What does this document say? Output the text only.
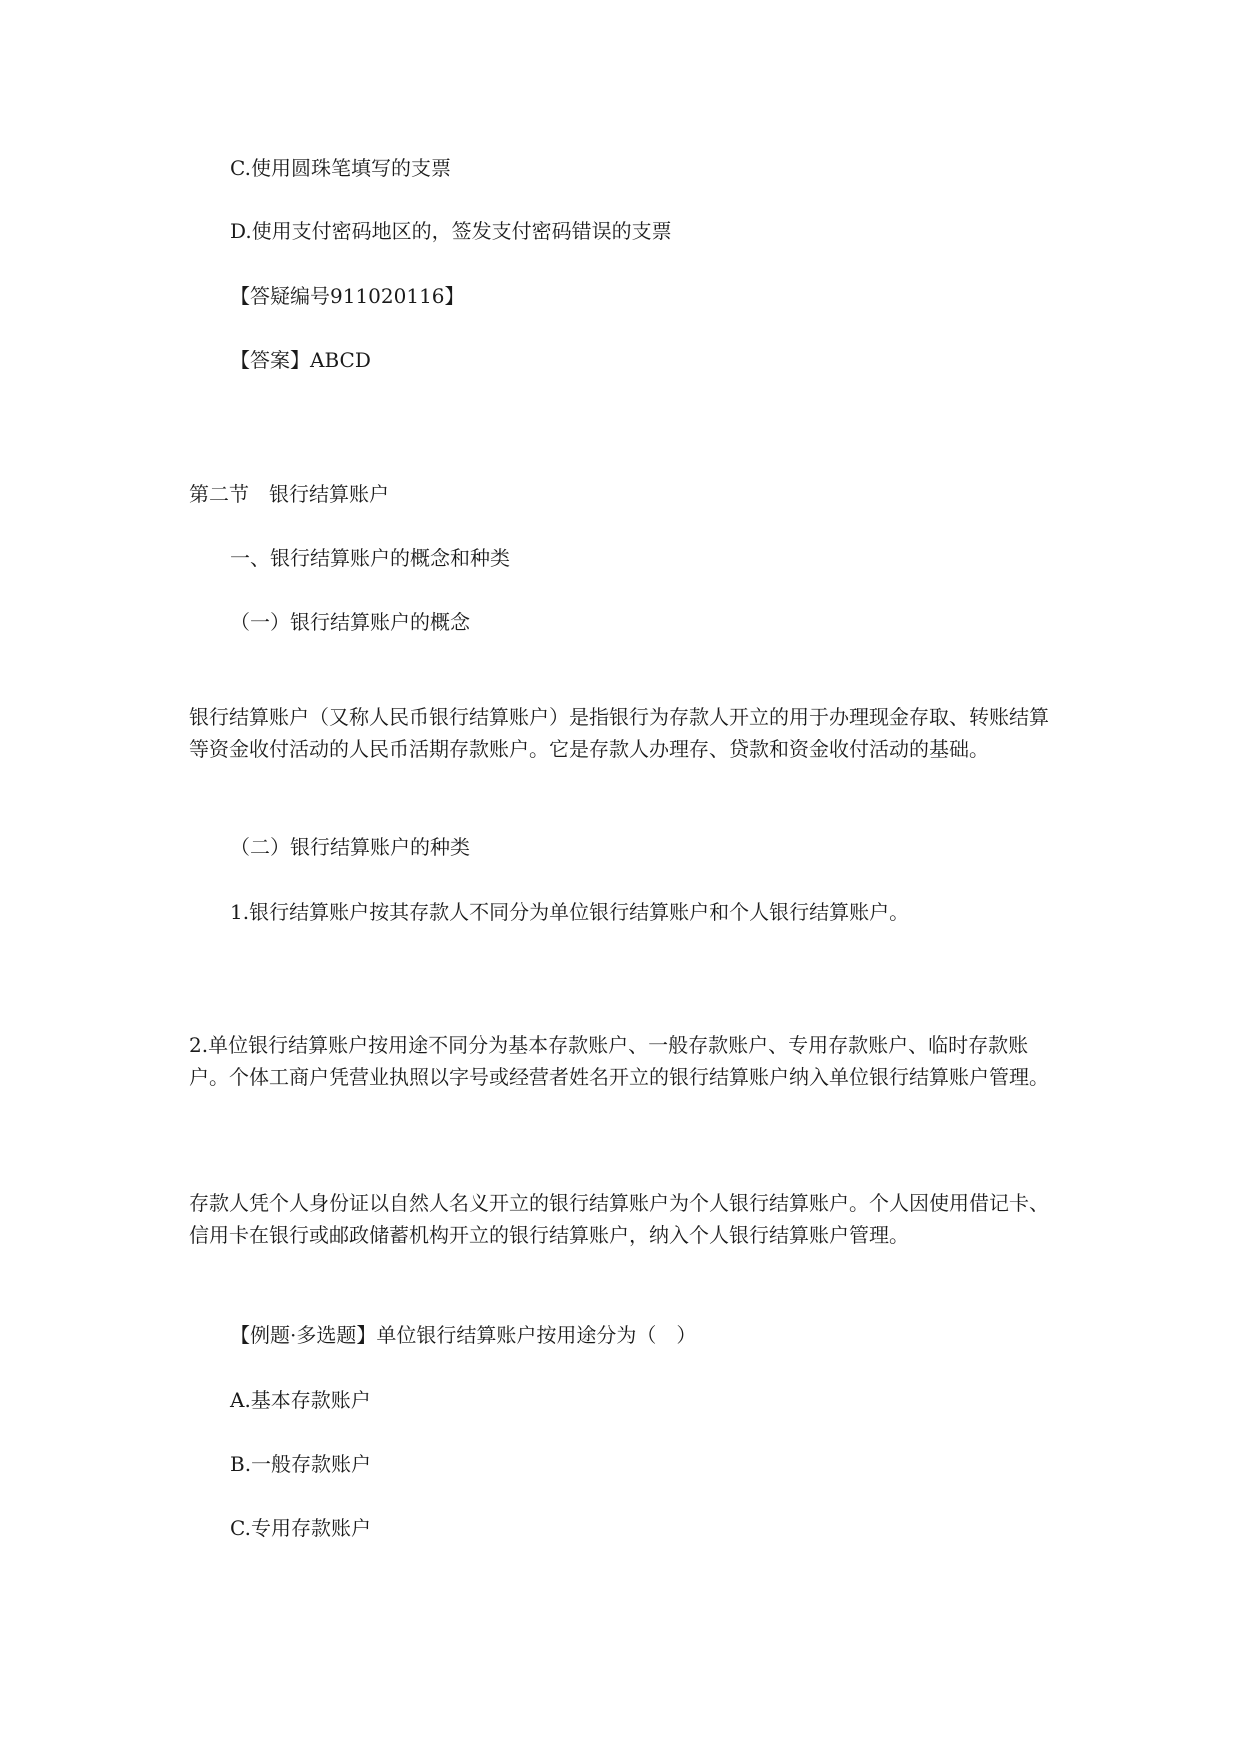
C.使用圆珠笔填写的支票
D.使用支付密码地区的，签发支付密码错误的支票
【答疑编号911020116】
【答案】ABCD
第二节　银行结算账户
一、银行结算账户的概念和种类
（一）银行结算账户的概念
银行结算账户（又称人民币银行结算账户）是指银行为存款人开立的用于办理现金存取、转账结算等资金收付活动的人民币活期存款账户。它是存款人办理存、贷款和资金收付活动的基础。
（二）银行结算账户的种类
1.银行结算账户按其存款人不同分为单位银行结算账户和个人银行结算账户。
2.单位银行结算账户按用途不同分为基本存款账户、一般存款账户、专用存款账户、临时存款账户。个体工商户凭营业执照以字号或经营者姓名开立的银行结算账户纳入单位银行结算账户管理。
存款人凭个人身份证以自然人名义开立的银行结算账户为个人银行结算账户。个人因使用借记卡、信用卡在银行或邮政储蓄机构开立的银行结算账户，纳入个人银行结算账户管理。
【例题·多选题】单位银行结算账户按用途分为（　）
A.基本存款账户
B.一般存款账户
C.专用存款账户
